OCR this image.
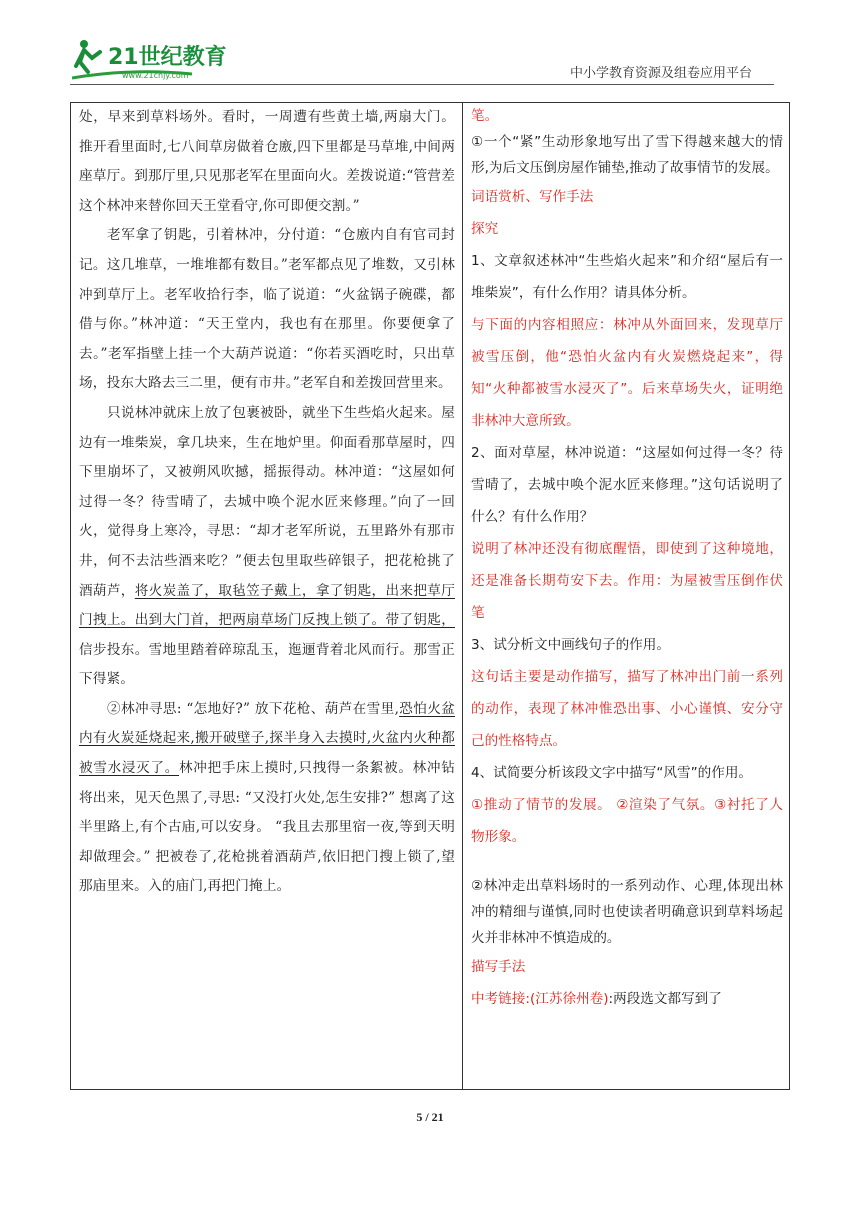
21世纪教育
www.21cnjy.com	中小学教育资源及组卷应用平台

处，早来到草料场外。看时，一周遭有些黄土墙,两扇大门。推开看里面时,七八间草房做着仓廒,四下里都是马草堆,中间两座草厅。到那厅里,只见那老军在里面向火。差拨说道:“管营差这个林冲来替你回天王堂看守,你可即便交割。”

老军拿了钥匙，引着林冲，分付道：“仓廒内自有官司封记。这几堆草，一堆堆都有数目。”老军都点见了堆数，又引林冲到草厅上。老军收拾行李，临了说道：“火盆锅子碗碟，都借与你。”林冲道：“天王堂内，我也有在那里。你要便拿了去。”老军指壁上挂一个大葫芦说道：“你若买酒吃时，只出草场，投东大路去三二里，便有市井。”老军自和差拨回营里来。

只说林冲就床上放了包裹被卧，就坐下生些焰火起来。屋边有一堆柴炭，拿几块来，生在地炉里。仰面看那草屋时，四下里崩坏了，又被朔风吹撼，摇振得动。林冲道：“这屋如何过得一冬？待雪晴了，去城中唤个泥水匠来修理。”向了一回火，觉得身上寒冷，寻思：“却才老军所说，五里路外有那市井，何不去沽些酒来吃？”便去包里取些碎银子，把花枪挑了酒葫芦，将火炭盖了，取毡笠子戴上，拿了钥匙，出来把草厅门拽上。出到大门首，把两扇草场门反拽上锁了。带了钥匙，信步投东。雪地里踏着碎琼乱玉，迤逦背着北风而行。那雪正下得紧。

②林冲寻思: “怎地好?” 放下花枪、葫芦在雪里,恐怕火盆内有火炭延烧起来,搬开破壁子,探半身入去摸时,火盆内火种都被雪水浸灭了。林冲把手床上摸时,只拽得一条絮被。林冲钻将出来，见天色黑了,寻思: “又没打火处,怎生安排?” 想离了这半里路上,有个古庙,可以安身。 “我且去那里宿一夜,等到天明却做理会。” 把被卷了,花枪挑着酒葫芦,依旧把门搜上锁了,望那庙里来。入的庙门,再把门掩上。

笔。

①一个“紧”生动形象地写出了雪下得越来越大的情形,为后文压倒房屋作铺垫,推动了故事情节的发展。

词语赏析、写作手法

探究

1、文章叙述林冲“生些焰火起来”和介绍“屋后有一堆柴炭”，有什么作用？请具体分析。

与下面的内容相照应：林冲从外面回来，发现草厅被雪压倒，他“恐怕火盆内有火炭燃烧起来”，得知“火种都被雪水浸灭了”。后来草场失火，证明绝非林冲大意所致。

2、面对草屋，林冲说道：“这屋如何过得一冬？待雪晴了，去城中唤个泥水匠来修理。”这句话说明了什么？有什么作用？

说明了林冲还没有彻底醒悟，即使到了这种境地，还是准备长期苟安下去。作用：为屋被雪压倒作伏笔

3、试分析文中画线句子的作用。

这句话主要是动作描写，描写了林冲出门前一系列的动作，表现了林冲惟恐出事、小心谨慎、安分守己的性格特点。

4、试简要分析该段文字中描写“风雪”的作用。

①推动了情节的发展。 ②渲染了气氛。③衬托了人物形象。

②林冲走出草料场时的一系列动作、心理,体现出林冲的精细与谨慎,同时也使读者明确意识到草料场起火并非林冲不慎造成的。

描写手法

中考链接:(江苏徐州卷):两段选文都写到了

5 / 21
